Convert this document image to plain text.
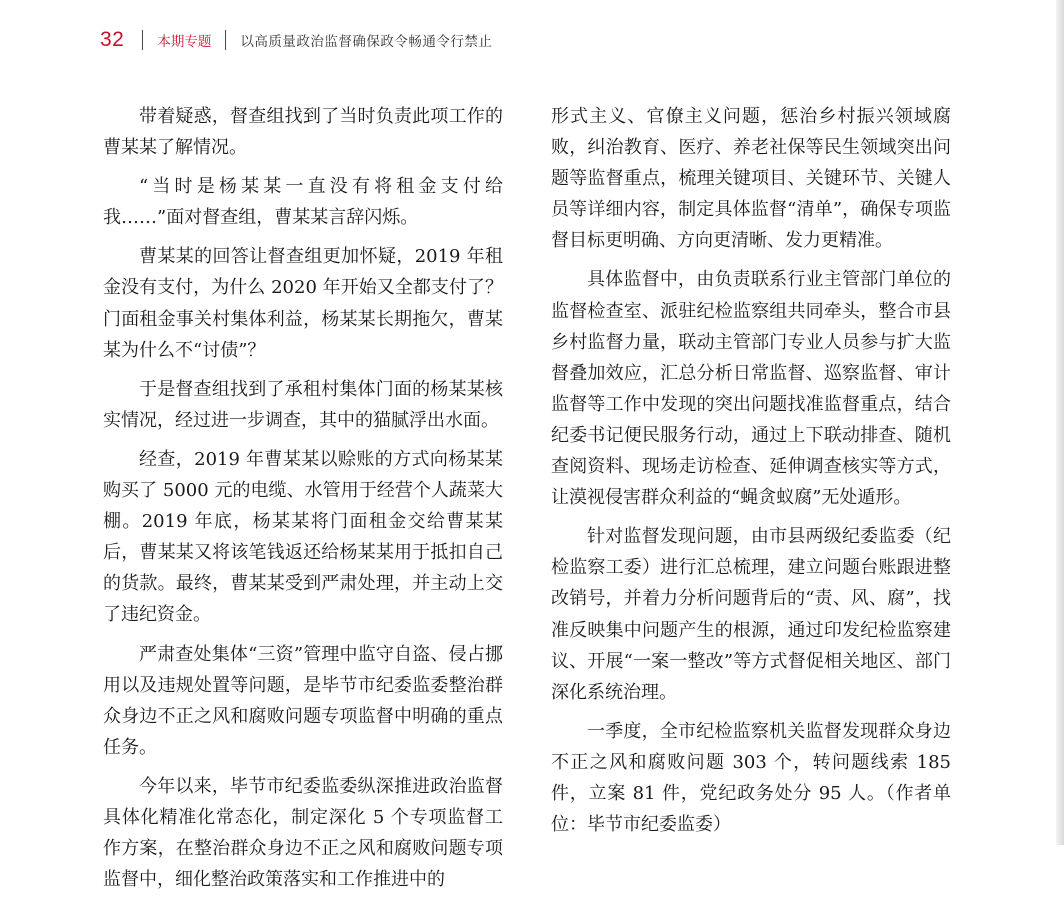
32 本期专题 以高质量政治监督确保政令畅通令行禁止

带着疑惑，督查组找到了当时负责此项工作的曹某某了解情况。

“当时是杨某某一直没有将租金支付给我……”面对督查组，曹某某言辞闪烁。

曹某某的回答让督查组更加怀疑，2019 年租金没有支付，为什么 2020 年开始又全都支付了？门面租金事关村集体利益，杨某某长期拖欠，曹某某为什么不“讨债”？

于是督查组找到了承租村集体门面的杨某某核实情况，经过进一步调查，其中的猫腻浮出水面。

经查，2019 年曹某某以赊账的方式向杨某某购买了 5000 元的电缆、水管用于经营个人蔬菜大棚。2019 年底，杨某某将门面租金交给曹某某后，曹某某又将该笔钱返还给杨某某用于抵扣自己的货款。最终，曹某某受到严肃处理，并主动上交了违纪资金。

严肃查处集体“三资”管理中监守自盗、侵占挪用以及违规处置等问题，是毕节市纪委监委整治群众身边不正之风和腐败问题专项监督中明确的重点任务。

今年以来，毕节市纪委监委纵深推进政治监督具体化精准化常态化，制定深化 5 个专项监督工作方案，在整治群众身边不正之风和腐败问题专项监督中，细化整治政策落实和工作推进中的

形式主义、官僚主义问题，惩治乡村振兴领域腐败，纠治教育、医疗、养老社保等民生领域突出问题等监督重点，梳理关键项目、关键环节、关键人员等详细内容，制定具体监督“清单”，确保专项监督目标更明确、方向更清晰、发力更精准。

具体监督中，由负责联系行业主管部门单位的监督检查室、派驻纪检监察组共同牵头，整合市县乡村监督力量，联动主管部门专业人员参与扩大监督叠加效应，汇总分析日常监督、巡察监督、审计监督等工作中发现的突出问题找准监督重点，结合纪委书记便民服务行动，通过上下联动排查、随机查阅资料、现场走访检查、延伸调查核实等方式，让漠视侵害群众利益的“蝇贪蚁腐”无处遁形。

针对监督发现问题，由市县两级纪委监委（纪检监察工委）进行汇总梳理，建立问题台账跟进整改销号，并着力分析问题背后的“责、风、腐”，找准反映集中问题产生的根源，通过印发纪检监察建议、开展“一案一整改”等方式督促相关地区、部门深化系统治理。

一季度，全市纪检监察机关监督发现群众身边不正之风和腐败问题 303 个，转问题线索 185 件，立案 81 件，党纪政务处分 95 人。（作者单位：毕节市纪委监委）
